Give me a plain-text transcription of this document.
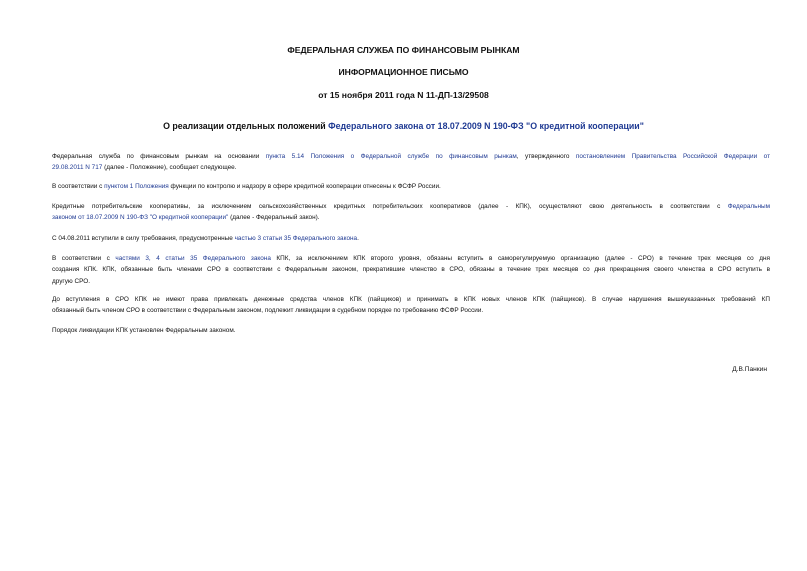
ФЕДЕРАЛЬНАЯ СЛУЖБА ПО ФИНАНСОВЫМ РЫНКАМ
ИНФОРМАЦИОННОЕ ПИСЬМО
от 15 ноября 2011 года N 11-ДП-13/29508
О реализации отдельных положений Федерального закона от 18.07.2009 N 190-ФЗ "О кредитной кооперации"
Федеральная служба по финансовым рынкам на основании пункта 5.14 Положения о Федеральной службе по финансовым рынкам, утвержденного постановлением Правительства Российской Федерации от
29.08.2011 N 717 (далее - Положение), сообщает следующее.
В соответствии с пунктом 1 Положения функции по контролю и надзору в сфере кредитной кооперации отнесены к ФСФР России.
Кредитные потребительские кооперативы, за исключением сельскохозяйственных кредитных потребительских кооперативов (далее - КПК), осуществляют свою деятельность в соответствии с Федеральным
законом от 18.07.2009 N 190-ФЗ "О кредитной кооперации" (далее - Федеральный закон).
С 04.08.2011 вступили в силу требования, предусмотренные частью 3 статьи 35 Федерального закона.
В соответствии с частями 3, 4 статьи 35 Федерального закона КПК, за исключением КПК второго уровня, обязаны вступить в саморегулируемую организацию (далее - СРО) в течение трех месяцев со дня
создания КПК. КПК, обязанные быть членами СРО в соответствии с Федеральным законом, прекратившие членство в СРО, обязаны в течение трех месяцев со дня прекращения своего членства в СРО вступить в
другую СРО.
До вступления в СРО КПК не имеют права привлекать денежные средства членов КПК (пайщиков) и принимать в КПК новых членов КПК (пайщиков). В случае нарушения вышеуказанных требований КП
обязанный быть членом СРО в соответствии с Федеральным законом, подлежит ликвидации в судебном порядке по требованию ФСФР России.
Порядок ликвидации КПК установлен Федеральным законом.
Д.В.Панкин
